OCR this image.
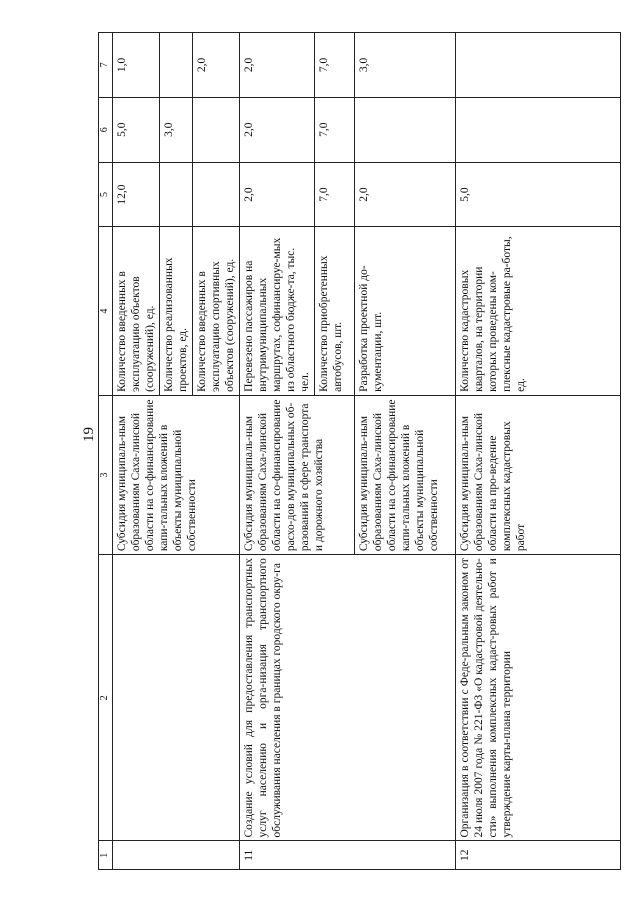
19
1	2	3	4	5	6	7
		Субсидия муниципаль-ным образованиям Саха-линской области на со-финансирование капи-тальных вложений в объекты муниципальной собственности	Количество введенных в эксплуатацию объектов (сооружений), ед.	12,0	5,0	1,0
			Количество реализованных проектов, ед.		3,0	
			Количество введенных в эксплуатацию спортивных объектов (сооружений), ед.			2,0
11	Создание условий для предоставления транспортных услуг населению и орга-низация транспортного обслуживания населения в границах городского окру-га	Субсидия муниципаль-ным образованиям Саха-линской области на со-финансирование расхо-дов муниципальных об-разований в сфере транспорта и дорожного хозяйства	Перевезено пассажиров на внутримуниципальных маршрутах, софинансируе-мых из областного бюдже-та, тыс. чел.	2,0	2,0	2,0
			Количество приобретенных автобусов, шт.	7,0	7,0	7,0
		Субсидия муниципаль-ным образованиям Саха-линской области на со-финансирование капи-тальных вложений в объекты муниципальной собственности	Разработка проектной до-кументации, шт.	2,0		3,0
12	Организация в соответствии с Феде-ральным законом от 24 июля 2007 года № 221-ФЗ «О кадастровой деятельно-сти» выполнения комплексных кадаст-ровых работ и утверждение карты-плана территории	Субсидия муниципаль-ным образованиям Саха-линской области на про-ведение комплексных кадастровых работ	Количество кадастровых кварталов, на территории которых проведены ком-плексные кадастровые ра-боты, ед.	5,0		
